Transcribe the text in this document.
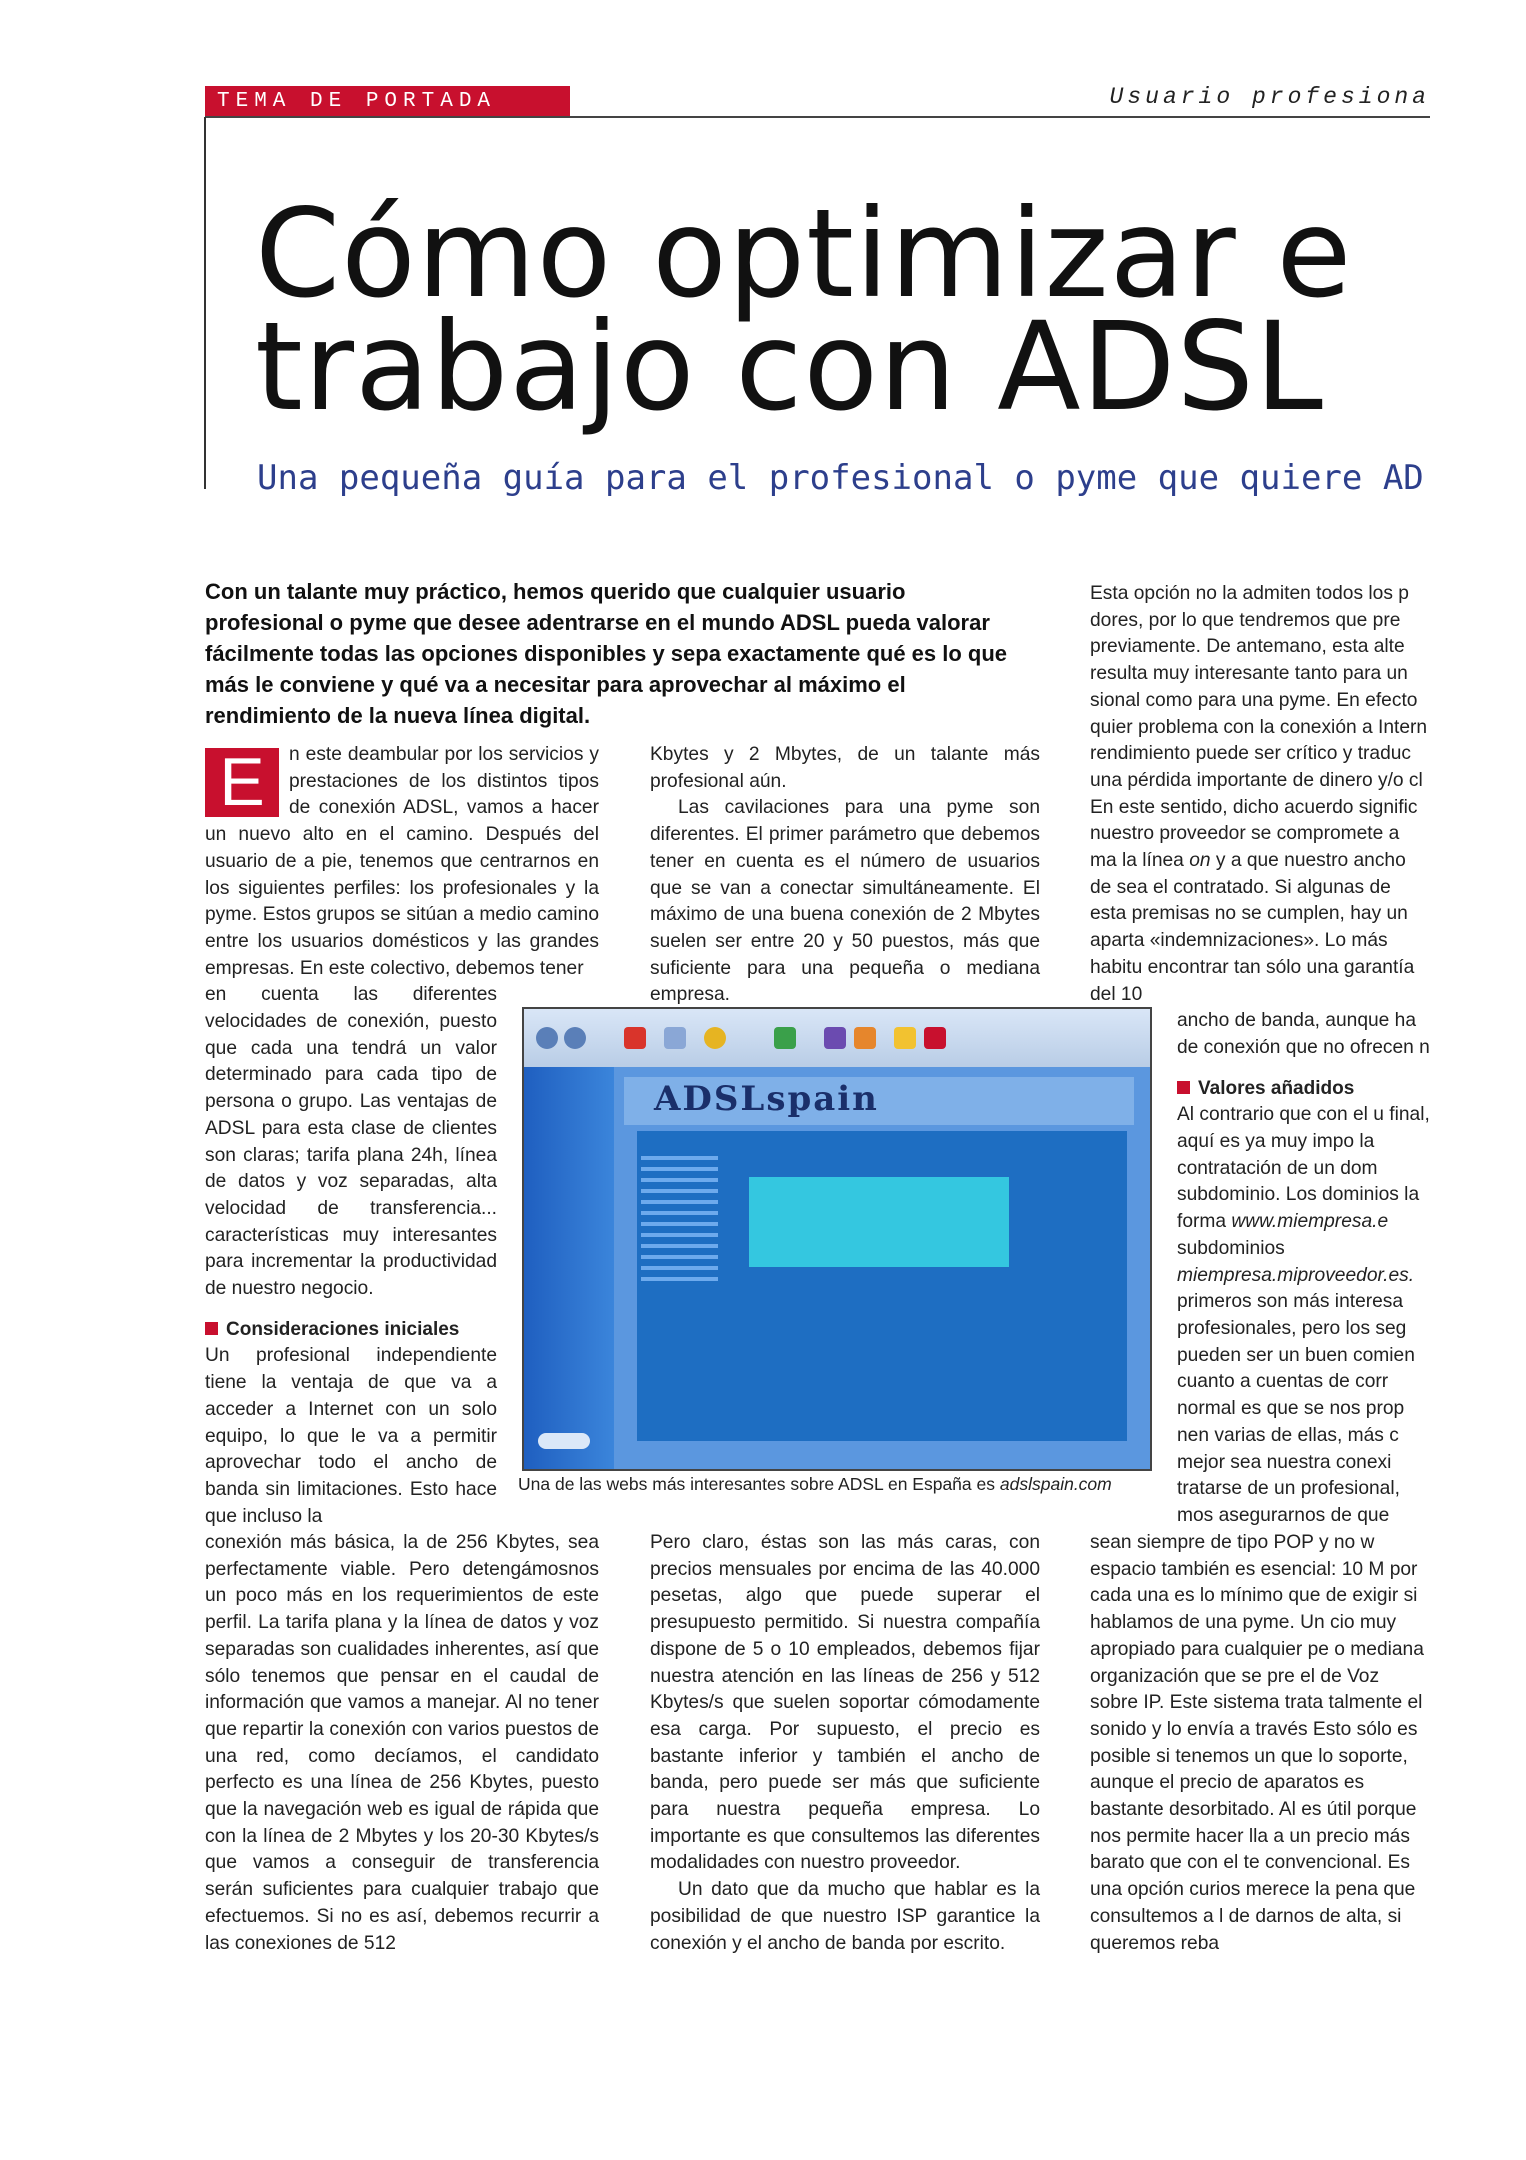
TEMA DE PORTADA	Usuario profesiona
Cómo optimizar e
trabajo con ADSL
Una pequeña guía para el profesional o pyme que quiere AD
Con un talante muy práctico, hemos querido que cualquier usuario profesional o pyme que desee adentrarse en el mundo ADSL pueda valorar fácilmente todas las opciones disponibles y sepa exactamente qué es lo que más le conviene y qué va a necesitar para aprovechar al máximo el rendimiento de la nueva línea digital.

E	n este deambular por los servicios y prestaciones de los distintos tipos de conexión ADSL, vamos a hacer un nuevo alto en el camino. Después del usuario de a pie, tenemos que centrarnos en los siguientes perfiles: los profesionales y la pyme. Estos grupos se sitúan a medio camino entre los usuarios domésticos y las grandes empresas. En este colectivo, debemos tener

en cuenta las diferentes velocidades de conexión, puesto que cada una tendrá un valor determinado para cada tipo de persona o grupo. Las ventajas de ADSL para esta clase de clientes son claras; tarifa plana 24h, línea de datos y voz separadas, alta velocidad de transferencia... características muy interesantes para incrementar la productividad de nuestro negocio.

Consideraciones iniciales

Un profesional independiente tiene la ventaja de que va a acceder a Internet con un solo equipo, lo que le va a permitir aprovechar todo el ancho de banda sin limitaciones. Esto hace que incluso la

conexión más básica, la de 256 Kbytes, sea perfectamente viable. Pero detengámosnos un poco más en los requerimientos de este perfil. La tarifa plana y la línea de datos y voz separadas son cualidades inherentes, así que sólo tenemos que pensar en el caudal de información que vamos a manejar. Al no tener que repartir la conexión con varios puestos de una red, como decíamos, el candidato perfecto es una línea de 256 Kbytes, puesto que la navegación web es igual de rápida que con la línea de 2 Mbytes y los 20-30 Kbytes/s que vamos a conseguir de transferencia serán suficientes para cualquier trabajo que efectuemos. Si no es así, debemos recurrir a las conexiones de 512

Kbytes y 2 Mbytes, de un talante más profesional aún.

Las cavilaciones para una pyme son diferentes. El primer parámetro que debemos tener en cuenta es el número de usuarios que se van a conectar simultáneamente. El máximo de una buena conexión de 2 Mbytes suelen ser entre 20 y 50 puestos, más que suficiente para una pequeña o mediana empresa.

Pero claro, éstas son las más caras, con precios mensuales por encima de las 40.000 pesetas, algo que puede superar el presupuesto permitido. Si nuestra compañía dispone de 5 o 10 empleados, debemos fijar nuestra atención en las líneas de 256 y 512 Kbytes/s que suelen soportar cómodamente esa carga. Por supuesto, el precio es bastante inferior y también el ancho de banda, pero puede ser más que suficiente para nuestra pequeña empresa. Lo importante es que consultemos las diferentes modalidades con nuestro proveedor.

Un dato que da mucho que hablar es la posibilidad de que nuestro ISP garantice la conexión y el ancho de banda por escrito.

Esta opción no la admiten todos los p dores, por lo que tendremos que pre previamente. De antemano, esta alte resulta muy interesante tanto para un sional como para una pyme. En efecto quier problema con la conexión a Intern rendimiento puede ser crítico y traduc una pérdida importante de dinero y/o cl En este sentido, dicho acuerdo signific nuestro proveedor se compromete a ma la línea on y a que nuestro ancho de sea el contratado. Si algunas de esta premisas no se cumplen, hay un aparta «indemnizaciones». Lo más habitu encontrar tan sólo una garantía del 10

ancho de banda, aunque ha de conexión que no ofrecen n

Valores añadidos

Al contrario que con el u final, aquí es ya muy impo la contratación de un dom subdominio. Los dominios la forma www.miempresa.e subdominios miempresa.miproveedor.es. primeros son más interesa profesionales, pero los seg pueden ser un buen comien cuanto a cuentas de corr normal es que se nos prop nen varias de ellas, más c mejor sea nuestra conexi tratarse de un profesional, mos asegurarnos de que

sean siempre de tipo POP y no w espacio también es esencial: 10 M por cada una es lo mínimo que de exigir si hablamos de una pyme. Un cio muy apropiado para cualquier pe o mediana organización que se pre el de Voz sobre IP. Este sistema trata talmente el sonido y lo envía a través Esto sólo es posible si tenemos un que lo soporte, aunque el precio de aparatos es bastante desorbitado. Al es útil porque nos permite hacer lla a un precio más barato que con el te convencional. Es una opción curios merece la pena que consultemos a l de darnos de alta, si queremos reba

ADSLspain
Una de las webs más interesantes sobre ADSL en España es adslspain.com
